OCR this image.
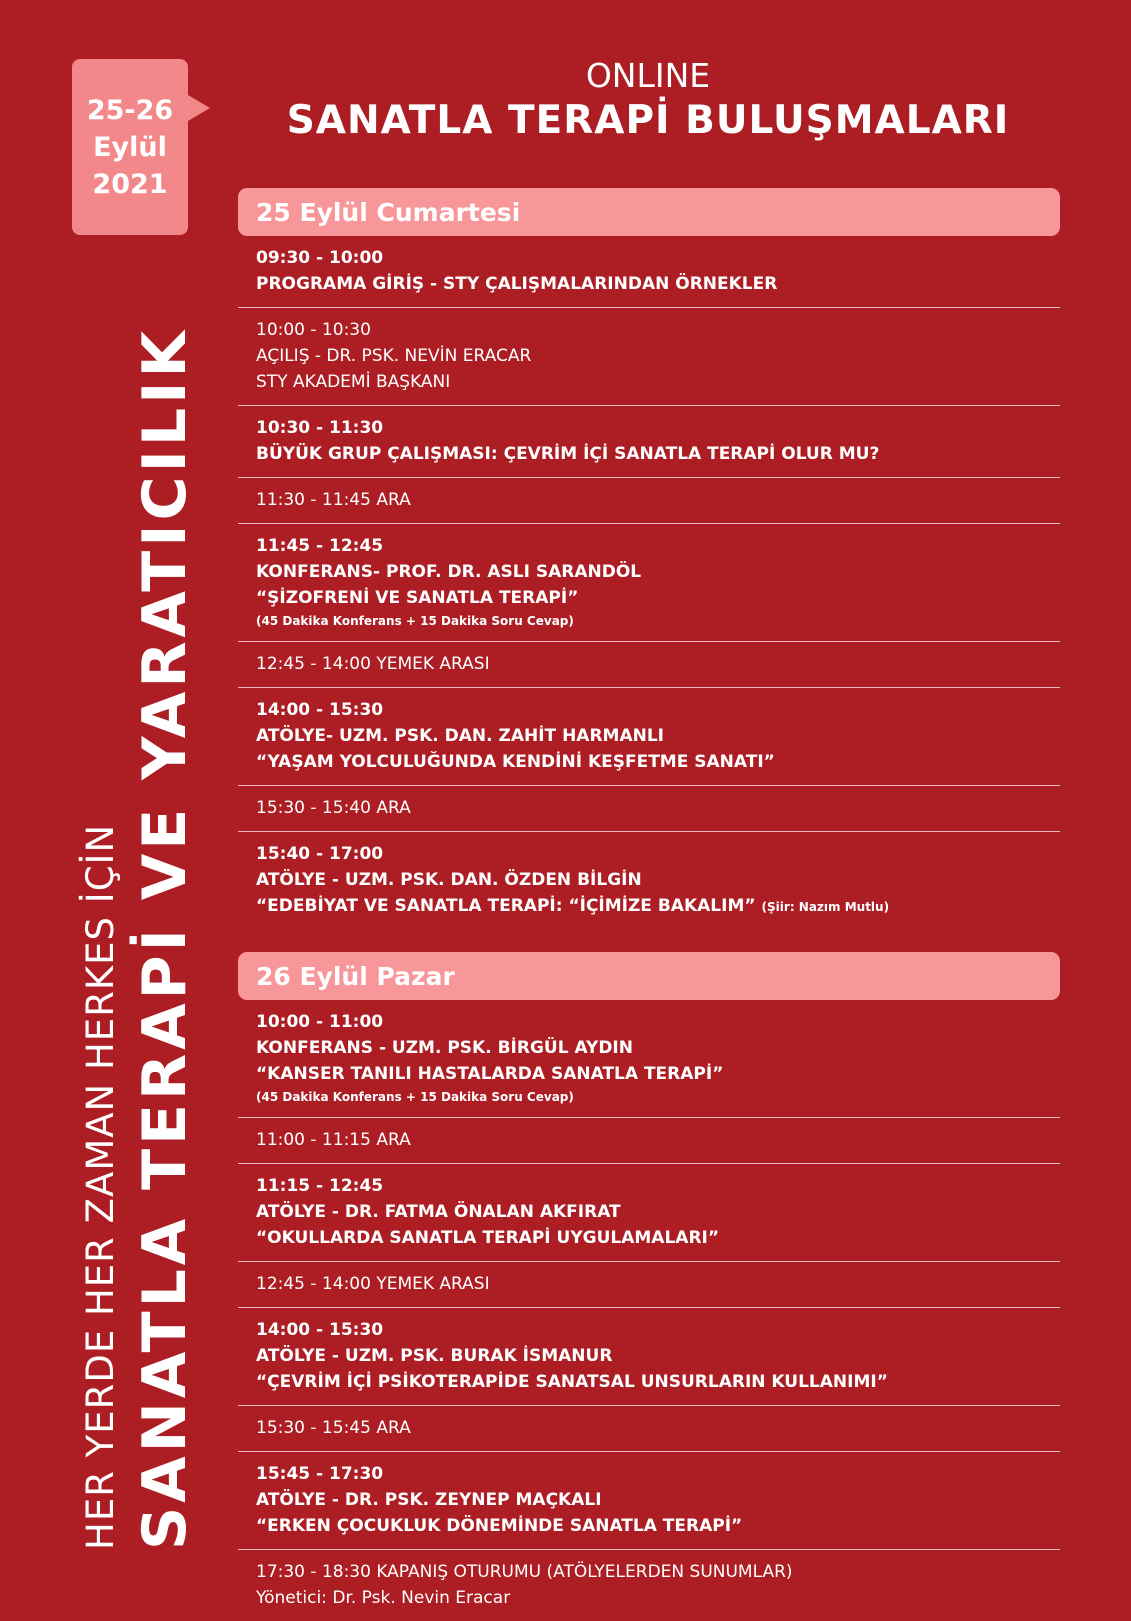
25-26
Eylül
2021
HER YERDE HER ZAMAN HERKES İÇİN SANATLA TERAPİ VE YARATICILIK
ONLINE
SANATLA TERAPİ BULUŞMALARI
25 Eylül Cumartesi
09:30 - 10:00
PROGRAMA GİRİŞ - STY ÇALIŞMALARINDAN ÖRNEKLER
10:00 - 10:30
AÇILIŞ - DR. PSK. NEVİN ERACAR
STY AKADEMİ BAŞKANI
10:30 - 11:30
BÜYÜK GRUP ÇALIŞMASI: ÇEVRİM İÇİ SANATLA TERAPİ OLUR MU?
11:30 - 11:45 ARA
11:45 - 12:45
KONFERANS- PROF. DR. ASLI SARANDÖL
“ŞİZOFRENİ VE SANATLA TERAPİ”
(45 Dakika Konferans + 15 Dakika Soru Cevap)
12:45 - 14:00 YEMEK ARASI
14:00 - 15:30
ATÖLYE- UZM. PSK. DAN. ZAHİT HARMANLI
“YAŞAM YOLCULUĞUNDA KENDİNİ KEŞFETME SANATI”
15:30 - 15:40 ARA
15:40 - 17:00
ATÖLYE - UZM. PSK. DAN. ÖZDEN BİLGİN
“EDEBİYAT VE SANATLA TERAPİ: “İÇİMİZE BAKALIM” (Şiir: Nazım Mutlu)
26 Eylül Pazar
10:00 - 11:00
KONFERANS - UZM. PSK. BİRGÜL AYDIN
“KANSER TANILI HASTALARDA SANATLA TERAPİ”
(45 Dakika Konferans + 15 Dakika Soru Cevap)
11:00 - 11:15 ARA
11:15 - 12:45
ATÖLYE - DR. FATMA ÖNALAN AKFIRAT
“OKULLARDA SANATLA TERAPİ UYGULAMALARI”
12:45 - 14:00 YEMEK ARASI
14:00 - 15:30
ATÖLYE - UZM. PSK. BURAK İSMANUR
“ÇEVRİM İÇİ PSİKOTERAPİDE SANATSAL UNSURLARIN KULLANIMI”
15:30 - 15:45 ARA
15:45 - 17:30
ATÖLYE - DR. PSK. ZEYNEP MAÇKALI
“ERKEN ÇOCUKLUK DÖNEMİNDE SANATLA TERAPİ”
17:30 - 18:30 KAPANIŞ OTURUMU (ATÖLYELERDEN SUNUMLAR)
Yönetici: Dr. Psk. Nevin Eracar
